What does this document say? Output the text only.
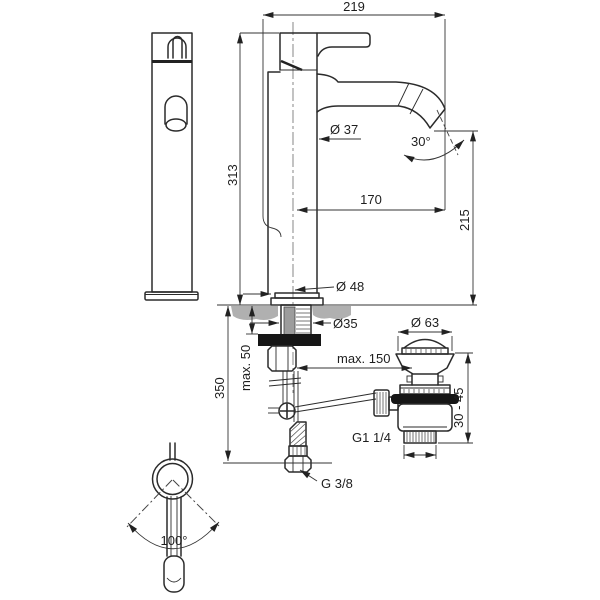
100°
219
313
Ø 37
30°
170
215
Ø 48
Ø35
max. 50
350
max. 150
Ø 63
30 - 45
G1 1/4
G 3/8
